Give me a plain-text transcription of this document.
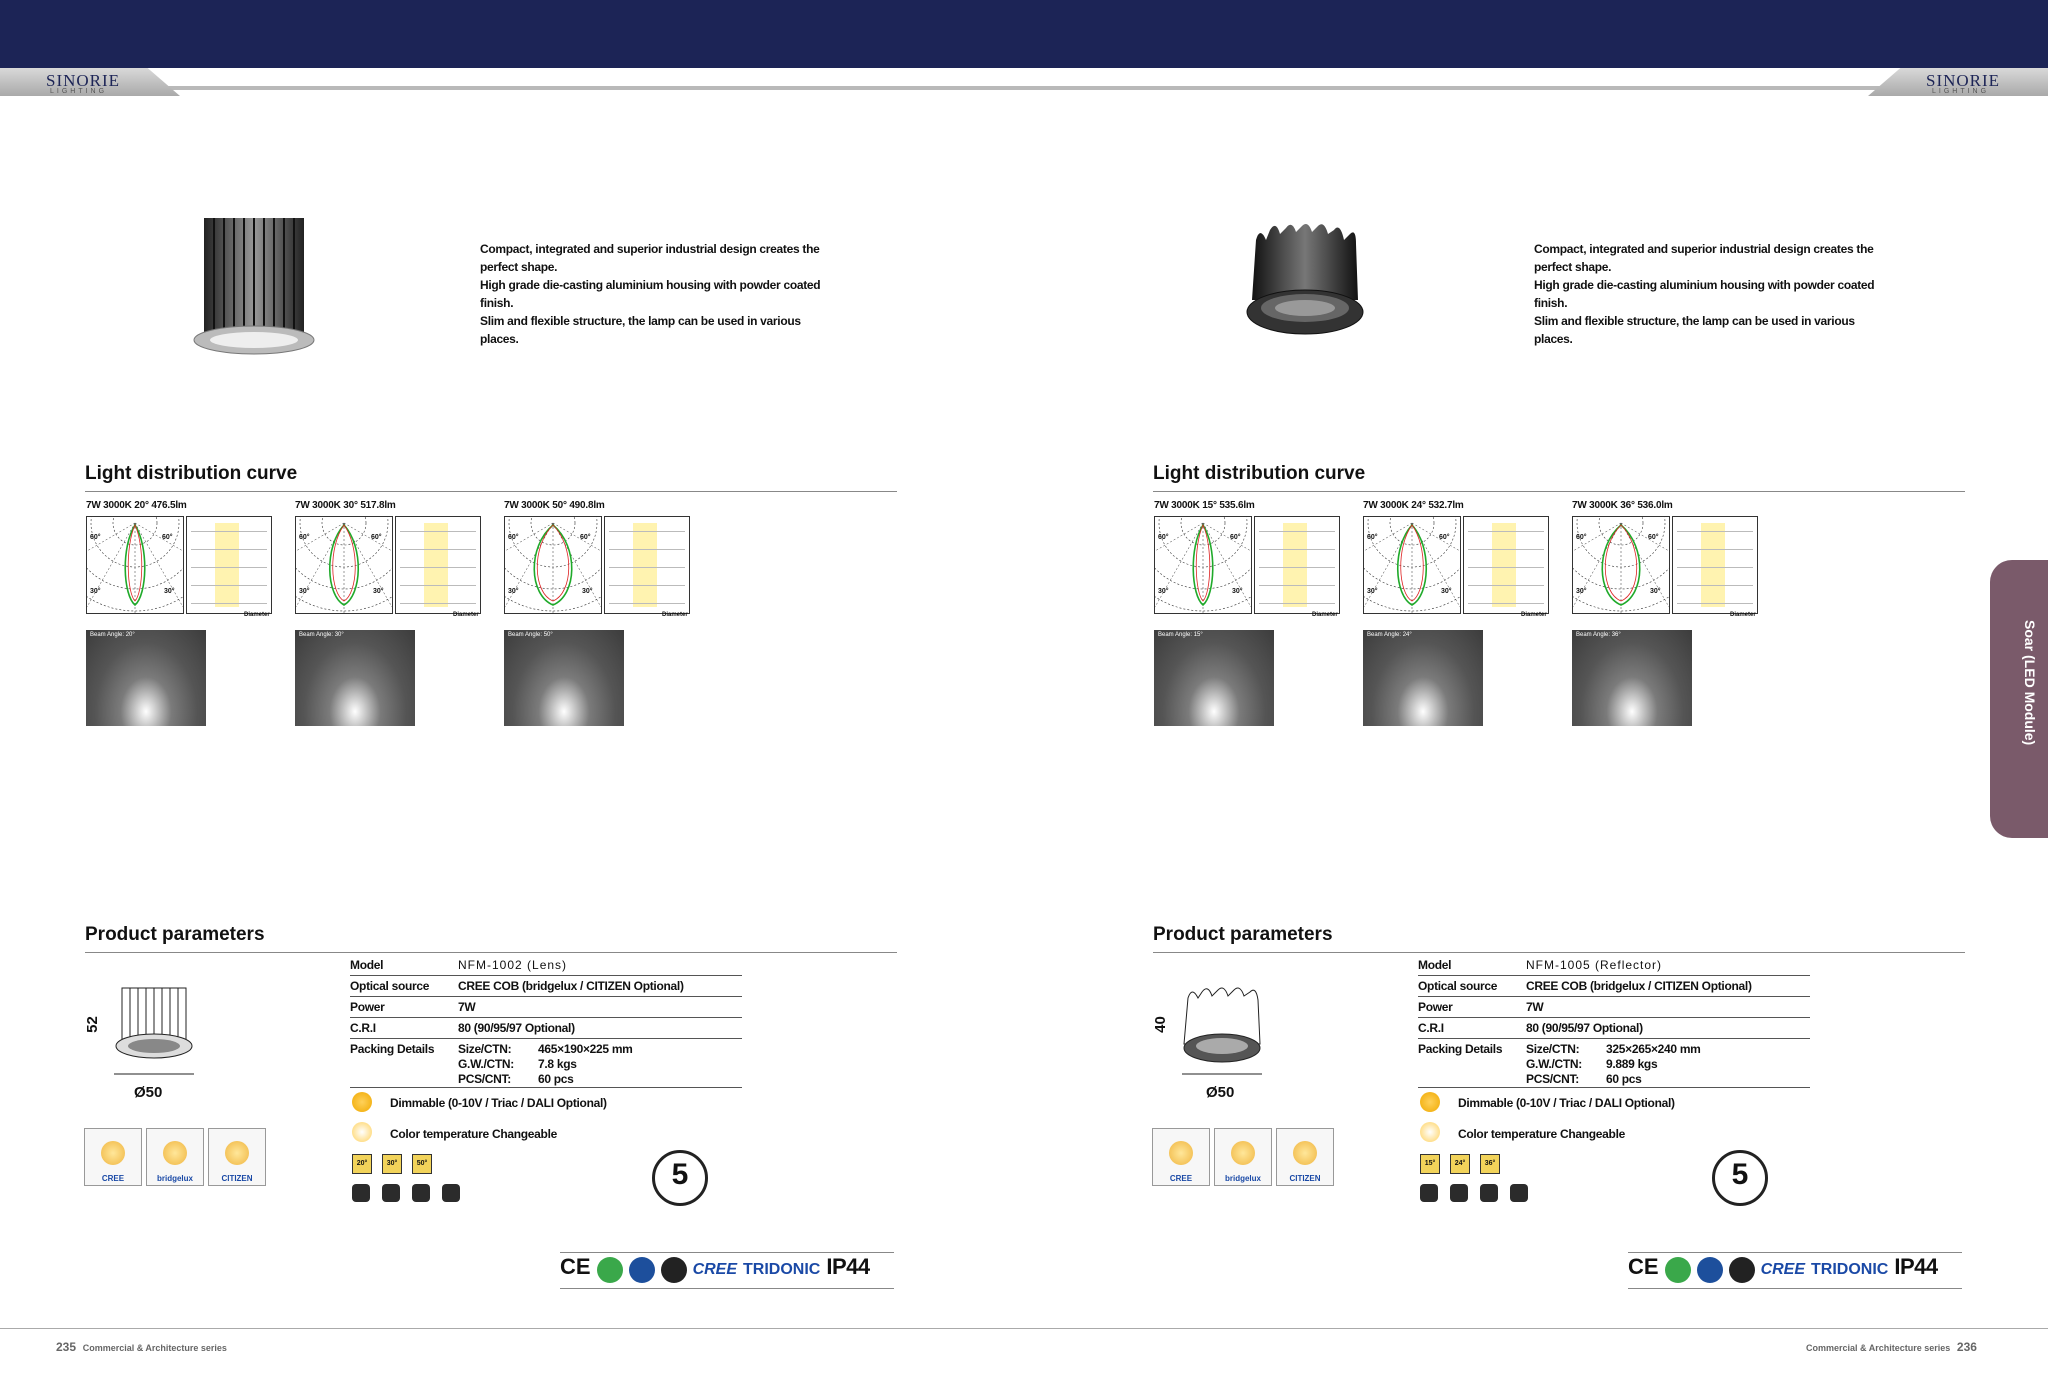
SINORIE
LIGHTING
SINORIE
LIGHTING
http://www.sinorie.co.id	http://www.sinorie.co.id
Soar (LED Module)	Soar (LED Module)
Compact, integrated and superior industrial design creates the
perfect shape.
High grade die-casting aluminium housing with powder coated
finish.
Slim and flexible structure, the lamp can be used in various
places.
Compact, integrated and superior industrial design creates the
perfect shape.
High grade die-casting aluminium housing with powder coated
finish.
Slim and flexible structure, the lamp can be used in various
places.
Light distribution curve	Light distribution curve
7W 3000K 20° 476.5lm
60°	60°
30°	30°
Diameter
Beam Angle: 20°
7W 3000K 30° 517.8lm
60°	60°
30°	30°
Diameter
Beam Angle: 30°
7W 3000K 50° 490.8lm
60°	60°
30°	30°
Diameter
Beam Angle: 50°
7W 3000K 15° 535.6lm
60°	60°
30°	30°
Diameter
Beam Angle: 15°
7W 3000K 24° 532.7lm
60°	60°
30°	30°
Diameter
Beam Angle: 24°
7W 3000K 36° 536.0lm
60°	60°
30°	30°
Diameter
Beam Angle: 36°
Product parameters	Product parameters
52
Ø50
40
Ø50
Model	NFM-1002 (Lens)
Optical source CREE COB (bridgelux / CITIZEN Optional)
Power	7W
C.R.I	80 (90/95/97 Optional)
Packing Details Size/CTN: 465×190×225 mm
G.W./CTN: 7.8 kgs
PCS/CNT: 60 pcs
Dimmable (0-10V / Triac / DALI Optional)
Color temperature Changeable
20°	30°	50°
CREE	bridgelux	CITIZEN	5
CE	CREE TRIDONIC IP44
Model	NFM-1005 (Reflector)
Optical source CREE COB (bridgelux / CITIZEN Optional)
Power	7W
C.R.I	80 (90/95/97 Optional)
Packing Details Size/CTN: 325×265×240 mm
G.W./CTN: 9.889 kgs
PCS/CNT: 60 pcs
Dimmable (0-10V / Triac / DALI Optional)
Color temperature Changeable
15°	24°	36°
CREE	bridgelux	CITIZEN	5
CE	CREE TRIDONIC IP44
Soar (LED Module)
235 Commercial & Architecture series	Commercial & Architecture series 236
